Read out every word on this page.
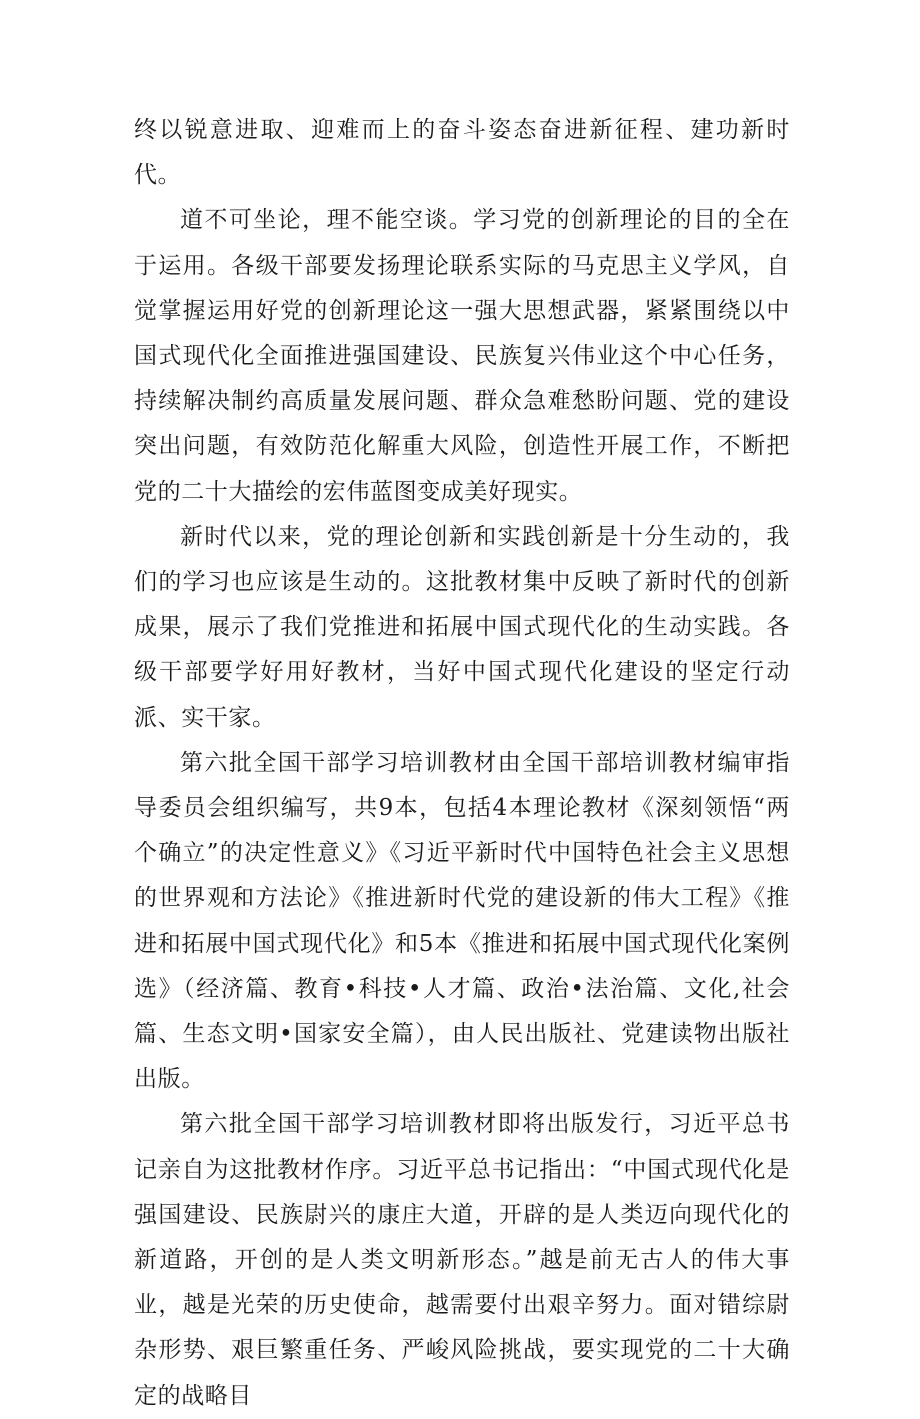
终以锐意进取、迎难而上的奋斗姿态奋进新征程、建功新时代。

道不可坐论，理不能空谈。学习党的创新理论的目的全在于运用。各级干部要发扬理论联系实际的马克思主义学风，自觉掌握运用好党的创新理论这一强大思想武器，紧紧围绕以中国式现代化全面推进强国建设、民族复兴伟业这个中心任务，持续解决制约高质量发展问题、群众急难愁盼问题、党的建设突出问题，有效防范化解重大风险，创造性开展工作，不断把党的二十大描绘的宏伟蓝图变成美好现实。

新时代以来，党的理论创新和实践创新是十分生动的，我们的学习也应该是生动的。这批教材集中反映了新时代的创新成果，展示了我们党推进和拓展中国式现代化的生动实践。各级干部要学好用好教材，当好中国式现代化建设的坚定行动派、实干家。

第六批全国干部学习培训教材由全国干部培训教材编审指导委员会组织编写，共9本，包括4本理论教材《深刻领悟“两个确立”的决定性意义》《习近平新时代中国特色社会主义思想的世界观和方法论》《推进新时代党的建设新的伟大工程》《推进和拓展中国式现代化》和5本《推进和拓展中国式现代化案例选》（经济篇、教育•科技•人才篇、政治•法治篇、文化,社会篇、生态文明•国家安全篇），由人民出版社、党建读物出版社出版。

第六批全国干部学习培训教材即将出版发行，习近平总书记亲自为这批教材作序。习近平总书记指出：“中国式现代化是强国建设、民族尉兴的康庄大道，开辟的是人类迈向现代化的新道路，开创的是人类文明新形态。”越是前无古人的伟大事业，越是光荣的历史使命，越需要付出艰辛努力。面对错综尉杂形势、艰巨繁重任务、严峻风险挑战，要实现党的二十大确定的战略目
